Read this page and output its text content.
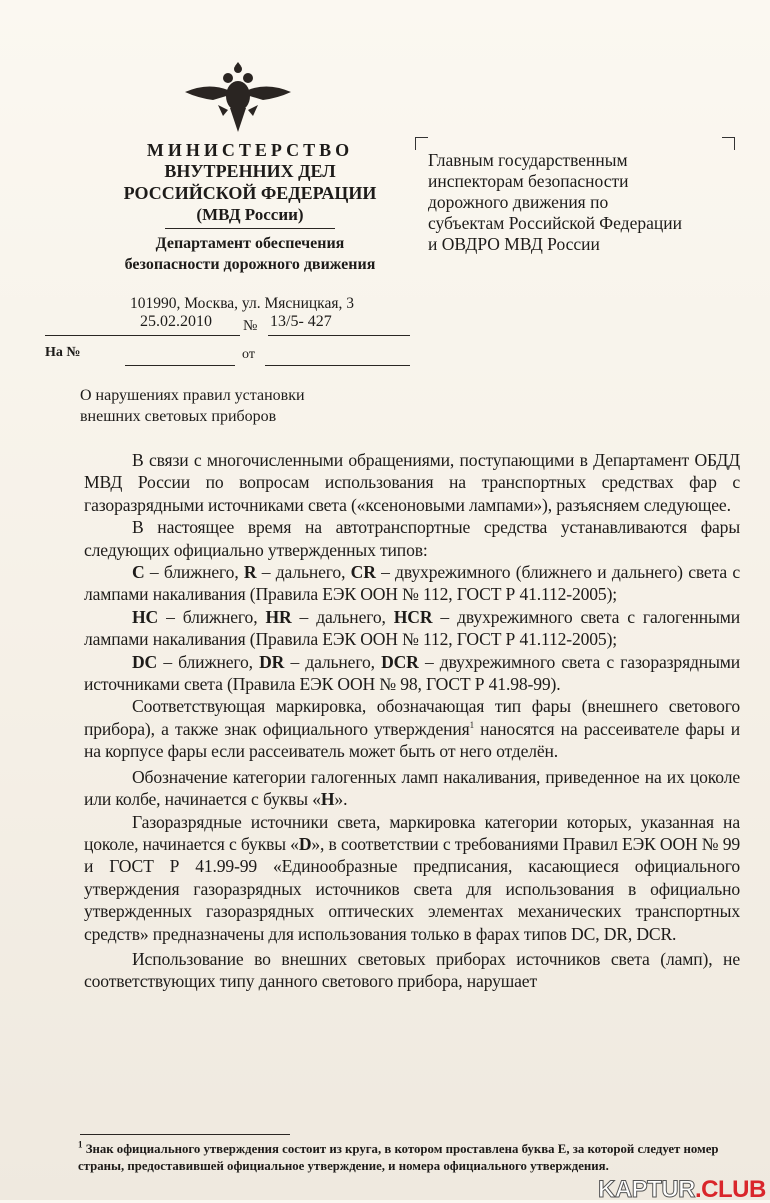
МИНИСТЕРСТВО
ВНУТРЕННИХ ДЕЛ
РОССИЙСКОЙ ФЕДЕРАЦИИ
(МВД России)
Департамент обеспечения
безопасности дорожного движения
Главным государственным
инспекторам безопасности
дорожного движения по
субъектам Российской Федерации
и ОВДРО МВД России
101990, Москва, ул. Мясницкая, 3
25.02.2010 № 13/5- 427
На №	от
О нарушениях правил установки
внешних световых приборов

В связи с многочисленными обращениями, поступающими в Департамент ОБДД МВД России по вопросам использования на транспортных средствах фар с газоразрядными источниками света («ксеноновыми лампами»), разъясняем следующее.

В настоящее время на автотранспортные средства устанавливаются фары следующих официально утвержденных типов:

C – ближнего, R – дальнего, CR – двухрежимного (ближнего и дальнего) света с лампами накаливания (Правила ЕЭК ООН № 112, ГОСТ Р 41.112-2005);

HC – ближнего, HR – дальнего, HCR – двухрежимного света с галогенными лампами накаливания (Правила ЕЭК ООН № 112, ГОСТ Р 41.112-2005);

DC – ближнего, DR – дальнего, DCR – двухрежимного света с газоразрядными источниками света (Правила ЕЭК ООН № 98, ГОСТ Р 41.98-99).

Соответствующая маркировка, обозначающая тип фары (внешнего светового прибора), а также знак официального утверждения$^1$ наносятся на рассеивателе фары и на корпусе фары если рассеиватель может быть от него отделён.

Обозначение категории галогенных ламп накаливания, приведенное на их цоколе или колбе, начинается с буквы «H».

Газоразрядные источники света, маркировка категории которых, указанная на цоколе, начинается с буквы «D», в соответствии с требованиями Правил ЕЭК ООН № 99 и ГОСТ Р 41.99-99 «Единообразные предписания, касающиеся официального утверждения газоразрядных источников света для использования в официально утвержденных газоразрядных оптических элементах механических транспортных средств» предназначены для использования только в фарах типов DC, DR, DCR.

Использование во внешних световых приборах источников света (ламп), не соответствующих типу данного светового прибора, нарушает

$^1$ Знак официального утверждения состоит из круга, в котором проставлена буква Е, за которой следует номер страны, предоставившей официальное утверждение, и номера официального утверждения.
KAPTUR.CLUB
